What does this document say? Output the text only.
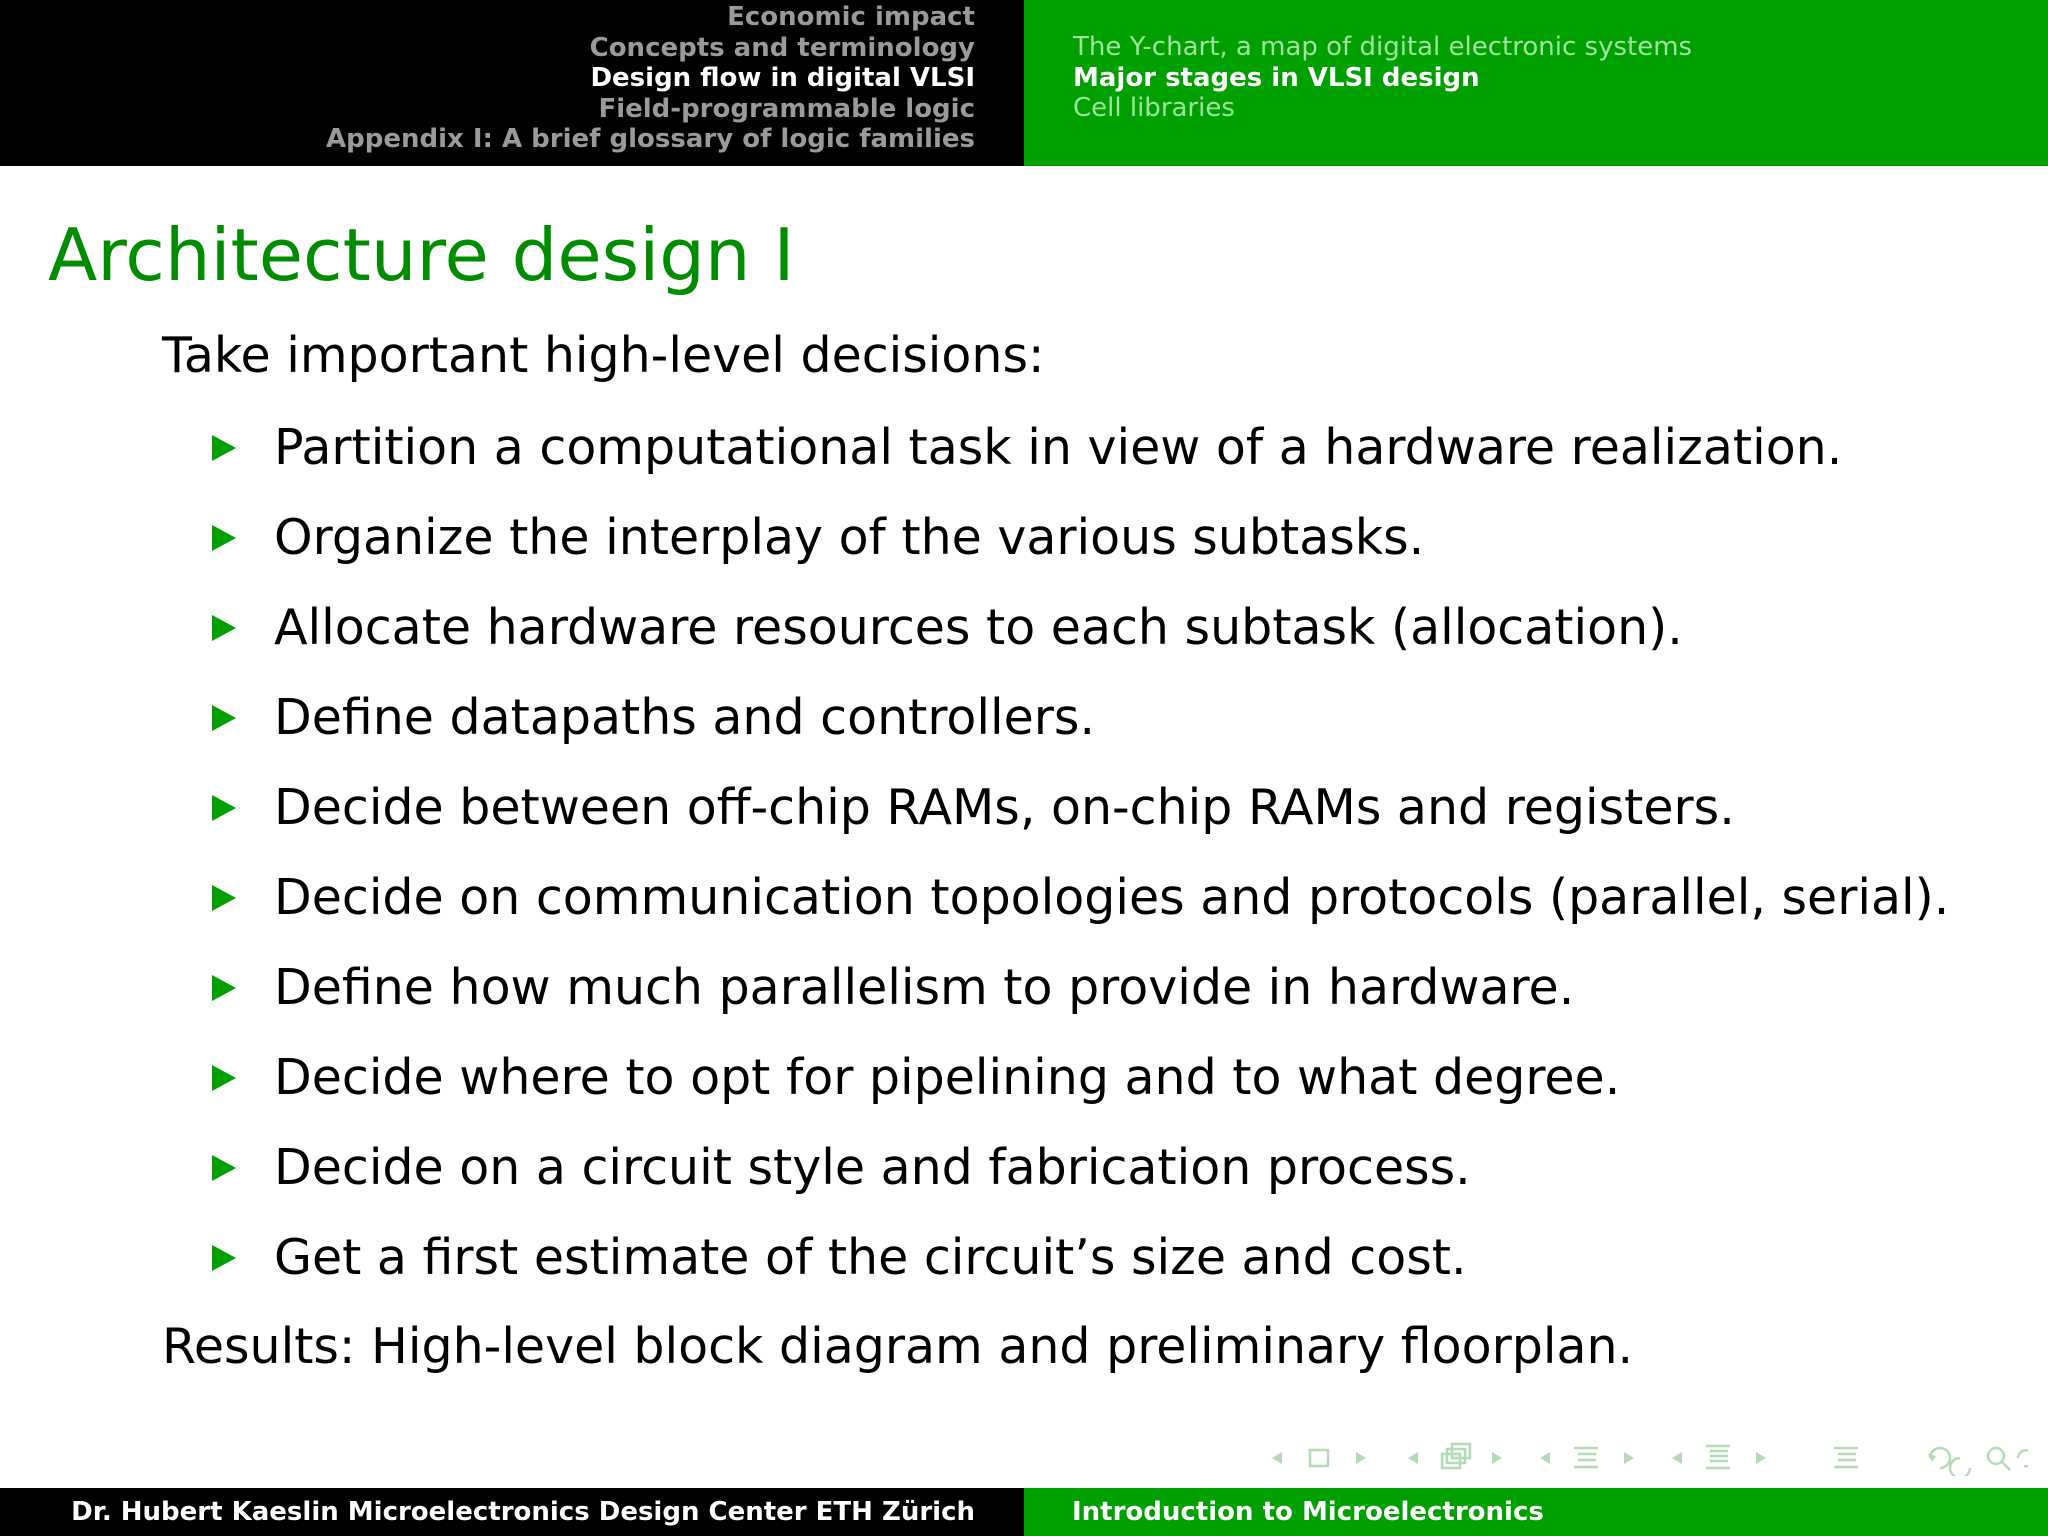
Economic impact
Concepts and terminology
Design flow in digital VLSI
Field-programmable logic
Appendix I: A brief glossary of logic families
The Y-chart, a map of digital electronic systems
Major stages in VLSI design
Cell libraries
Architecture design I
Take important high-level decisions:
Partition a computational task in view of a hardware realization.
Organize the interplay of the various subtasks.
Allocate hardware resources to each subtask (allocation).
Define datapaths and controllers.
Decide between off-chip RAMs, on-chip RAMs and registers.
Decide on communication topologies and protocols (parallel, serial).
Define how much parallelism to provide in hardware.
Decide where to opt for pipelining and to what degree.
Decide on a circuit style and fabrication process.
Get a first estimate of the circuit’s size and cost.
Results: High-level block diagram and preliminary floorplan.
Dr. Hubert Kaeslin Microelectronics Design Center ETH Zürich	Introduction to Microelectronics
